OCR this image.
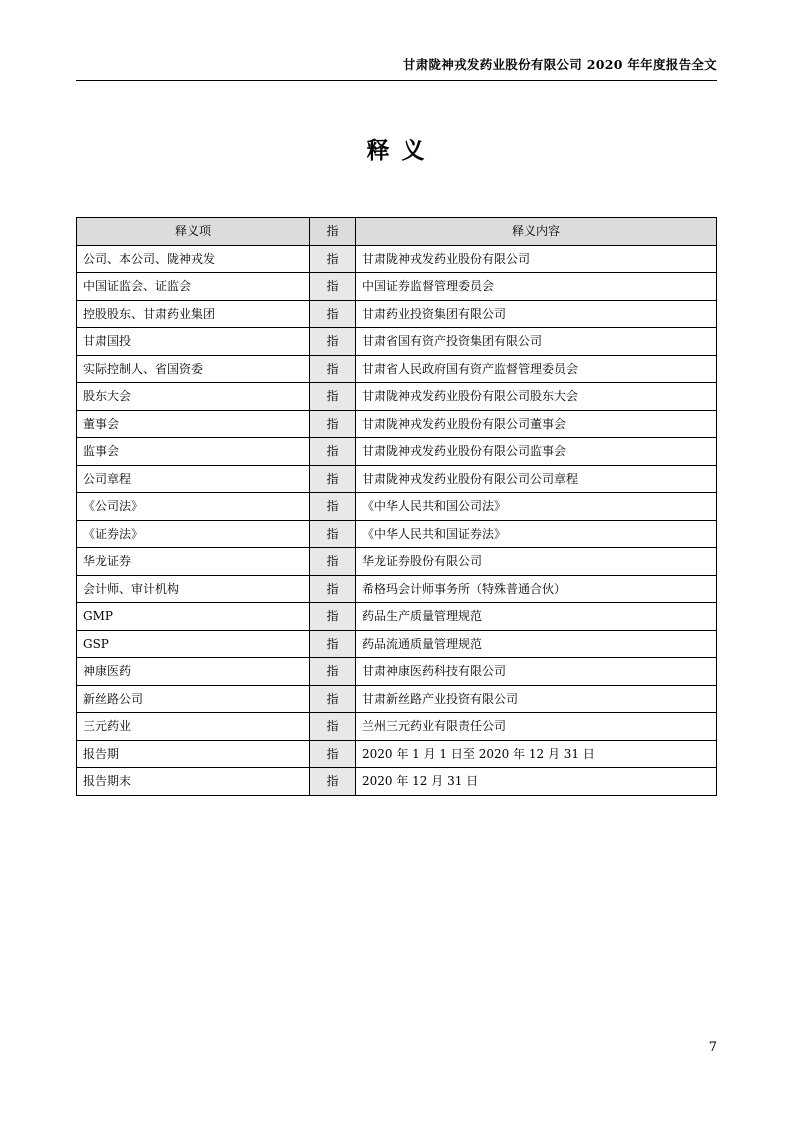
甘肃陇神戎发药业股份有限公司 2020 年年度报告全文
释 义
释义项	指	释义内容
公司、本公司、陇神戎发	指	甘肃陇神戎发药业股份有限公司
中国证监会、证监会	指	中国证券监督管理委员会
控股股东、甘肃药业集团	指	甘肃药业投资集团有限公司
甘肃国投	指	甘肃省国有资产投资集团有限公司
实际控制人、省国资委	指	甘肃省人民政府国有资产监督管理委员会
股东大会	指	甘肃陇神戎发药业股份有限公司股东大会
董事会	指	甘肃陇神戎发药业股份有限公司董事会
监事会	指	甘肃陇神戎发药业股份有限公司监事会
公司章程	指	甘肃陇神戎发药业股份有限公司公司章程
《公司法》	指	《中华人民共和国公司法》
《证券法》	指	《中华人民共和国证券法》
华龙证券	指	华龙证券股份有限公司
会计师、审计机构	指	希格玛会计师事务所（特殊普通合伙）
GMP	指	药品生产质量管理规范
GSP	指	药品流通质量管理规范
神康医药	指	甘肃神康医药科技有限公司
新丝路公司	指	甘肃新丝路产业投资有限公司
三元药业	指	兰州三元药业有限责任公司
报告期	指	2020 年 1 月 1 日至 2020 年 12 月 31 日
报告期末	指	2020 年 12 月 31 日
7
